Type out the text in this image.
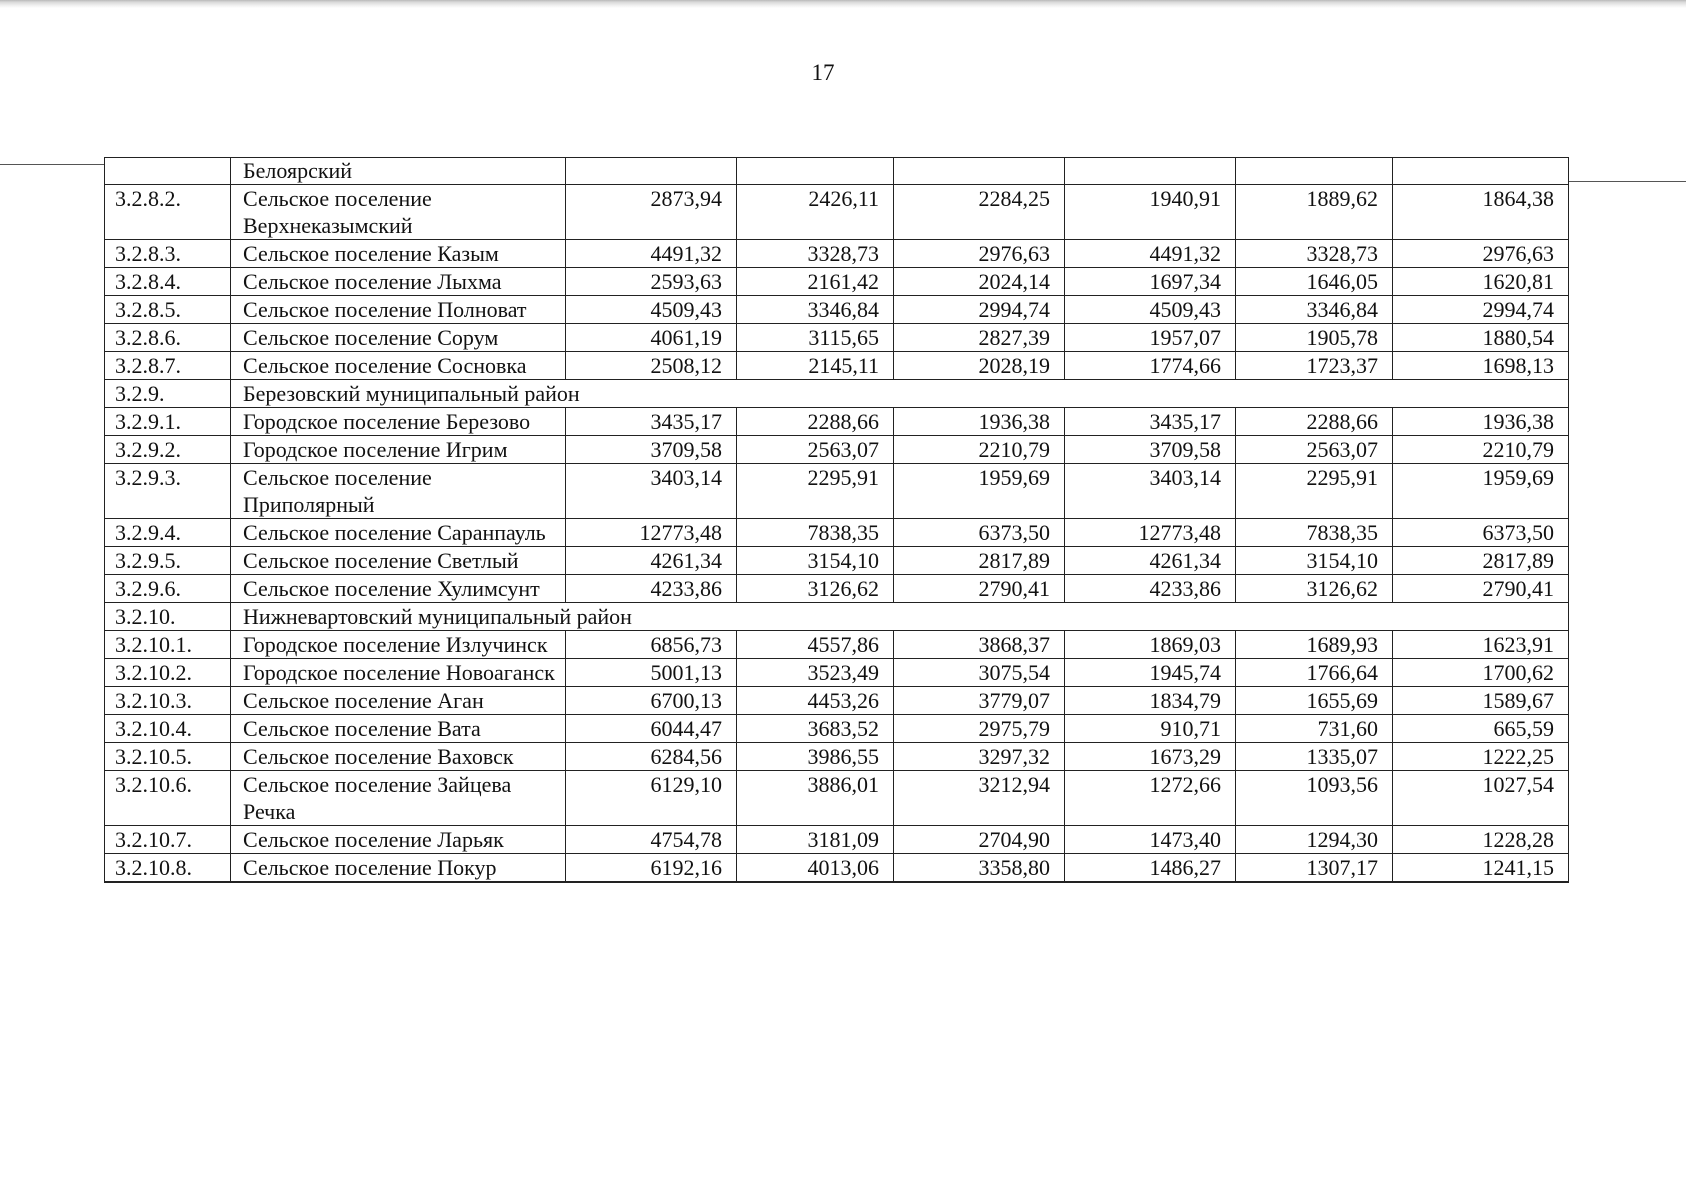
17
	Белоярский						
3.2.8.2.	Сельское поселение Верхнеказымский	2873,94	2426,11	2284,25	1940,91	1889,62	1864,38
3.2.8.3.	Сельское поселение Казым	4491,32	3328,73	2976,63	4491,32	3328,73	2976,63
3.2.8.4.	Сельское поселение Лыхма	2593,63	2161,42	2024,14	1697,34	1646,05	1620,81
3.2.8.5.	Сельское поселение Полноват	4509,43	3346,84	2994,74	4509,43	3346,84	2994,74
3.2.8.6.	Сельское поселение Сорум	4061,19	3115,65	2827,39	1957,07	1905,78	1880,54
3.2.8.7.	Сельское поселение Сосновка	2508,12	2145,11	2028,19	1774,66	1723,37	1698,13
3.2.9.	Березовский муниципальный район						
3.2.9.1.	Городское поселение Березово	3435,17	2288,66	1936,38	3435,17	2288,66	1936,38
3.2.9.2.	Городское поселение Игрим	3709,58	2563,07	2210,79	3709,58	2563,07	2210,79
3.2.9.3.	Сельское поселение Приполярный	3403,14	2295,91	1959,69	3403,14	2295,91	1959,69
3.2.9.4.	Сельское поселение Саранпауль	12773,48	7838,35	6373,50	12773,48	7838,35	6373,50
3.2.9.5.	Сельское поселение Светлый	4261,34	3154,10	2817,89	4261,34	3154,10	2817,89
3.2.9.6.	Сельское поселение Хулимсунт	4233,86	3126,62	2790,41	4233,86	3126,62	2790,41
3.2.10.	Нижневартовский муниципальный район						
3.2.10.1.	Городское поселение Излучинск	6856,73	4557,86	3868,37	1869,03	1689,93	1623,91
3.2.10.2.	Городское поселение Новоаганск	5001,13	3523,49	3075,54	1945,74	1766,64	1700,62
3.2.10.3.	Сельское поселение Аган	6700,13	4453,26	3779,07	1834,79	1655,69	1589,67
3.2.10.4.	Сельское поселение Вата	6044,47	3683,52	2975,79	910,71	731,60	665,59
3.2.10.5.	Сельское поселение Ваховск	6284,56	3986,55	3297,32	1673,29	1335,07	1222,25
3.2.10.6.	Сельское поселение Зайцева Речка	6129,10	3886,01	3212,94	1272,66	1093,56	1027,54
3.2.10.7.	Сельское поселение Ларьяк	4754,78	3181,09	2704,90	1473,40	1294,30	1228,28
3.2.10.8.	Сельское поселение Покур	6192,16	4013,06	3358,80	1486,27	1307,17	1241,15
